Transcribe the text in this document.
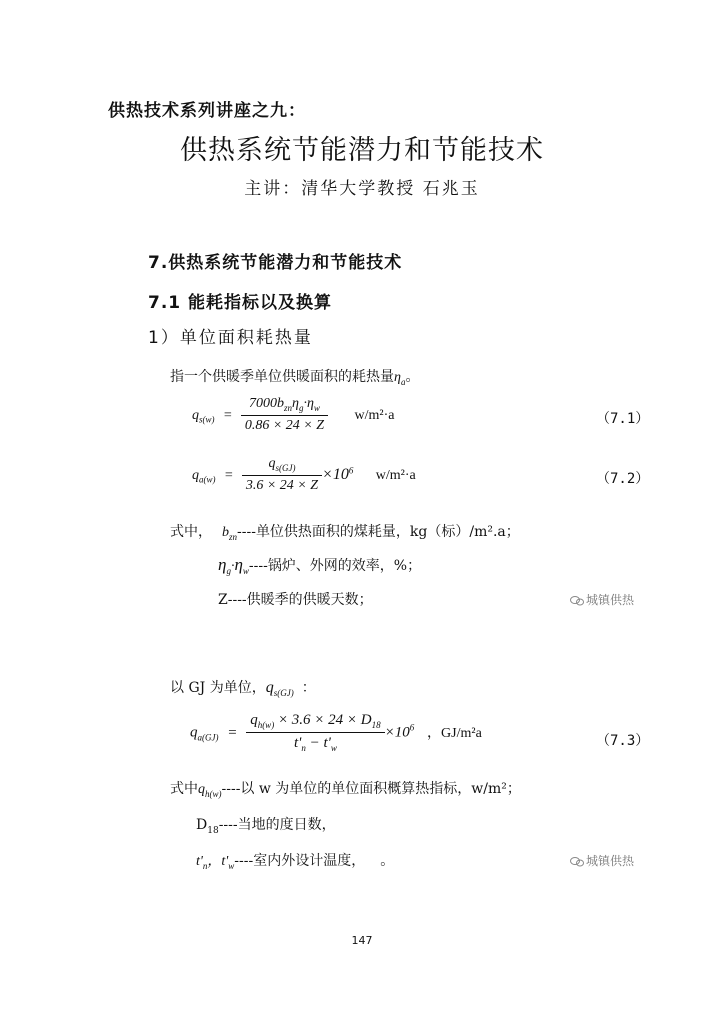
供热技术系列讲座之九：
供热系统节能潜力和节能技术
主讲：清华大学教授 石兆玉
7.供热系统节能潜力和节能技术
7.1 能耗指标以及换算
1）单位面积耗热量
指一个供暖季单位供暖面积的耗热量$\eta_a$。
$q_{s(w)} = \frac{7000b_{zn}\eta_g\cdot\eta_w}{0.86 \times 24 \times Z} w/m^2\cdot a$	（7.1）
$q_{a(w)} = \frac{q_{s(GJ)}}{3.6 \times 24 \times Z} \times 10^6$ w/m²·a	（7.2）
式中， $b_{zn}----$单位供热面积的煤耗量，kg（标）/m².a；
$\eta_g\cdot\eta_w----$锅炉、外网的效率，%；
Z----供暖季的供暖天数；	城镇供热
以 GJ 为单位，$q_{s(GJ)}$ ：
$q_{a(GJ)} = \frac{q_{h(w)} \times 3.6 \times 24 \times D_{18}}{t'_n - t'_w} \times 10^6$ ，GJ/m²a	（7.3）
式中$q_{h(w)}----$以 w 为单位的单位面积概算热指标，w/m²；
$D_{18}----$当地的度日数，
$t'_n$，$t'_w----$室内外设计温度， 。	城镇供热
147
